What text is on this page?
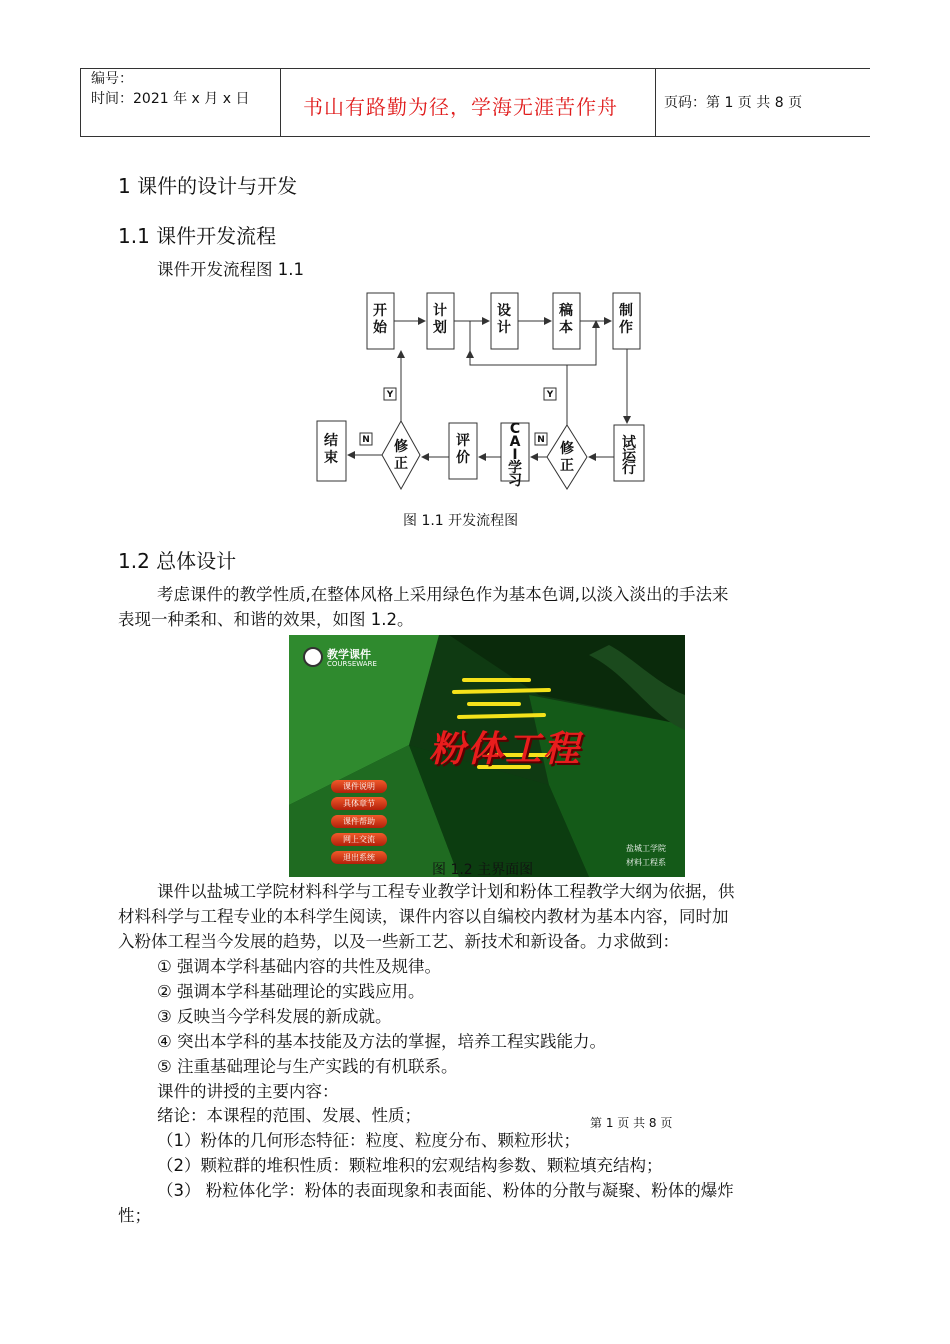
编号：
时间：2021 年 x 月 x 日	书山有路勤为径，学海无涯苦作舟	页码：第 1 页 共 8 页
1 课件的设计与开发
1.1 课件开发流程
课件开发流程图 1.1
开始
计划
设计
稿本
制作
试运行
修正
C A I 学习
评价
修正
结束
Y	Y
N	N
图 1.1 开发流程图
1.2 总体设计
考虑课件的教学性质,在整体风格上采用绿色作为基本色调,以淡入淡出的手法来
表现一种柔和、和谐的效果，如图 1.2。
教学课件
COURSEWARE
粉体工程
课件说明
具体章节
课件帮助
网上交流
退出系统
盐城工学院
材料工程系
图 1.2 主界面图
课件以盐城工学院材料科学与工程专业教学计划和粉体工程教学大纲为依据，供
材料科学与工程专业的本科学生阅读，课件内容以自编校内教材为基本内容，同时加
入粉体工程当今发展的趋势，以及一些新工艺、新技术和新设备。力求做到：
① 强调本学科基础内容的共性及规律。
② 强调本学科基础理论的实践应用。
③ 反映当今学科发展的新成就。
④ 突出本学科的基本技能及方法的掌握，培养工程实践能力。
⑤ 注重基础理论与生产实践的有机联系。
课件的讲授的主要内容：
绪论：本课程的范围、发展、性质；	第 1 页 共 8 页
（1）粉体的几何形态特征：粒度、粒度分布、颗粒形状；
（2）颗粒群的堆积性质：颗粒堆积的宏观结构参数、颗粒填充结构；
（3） 粉粒体化学：粉体的表面现象和表面能、粉体的分散与凝聚、粉体的爆炸
性；
